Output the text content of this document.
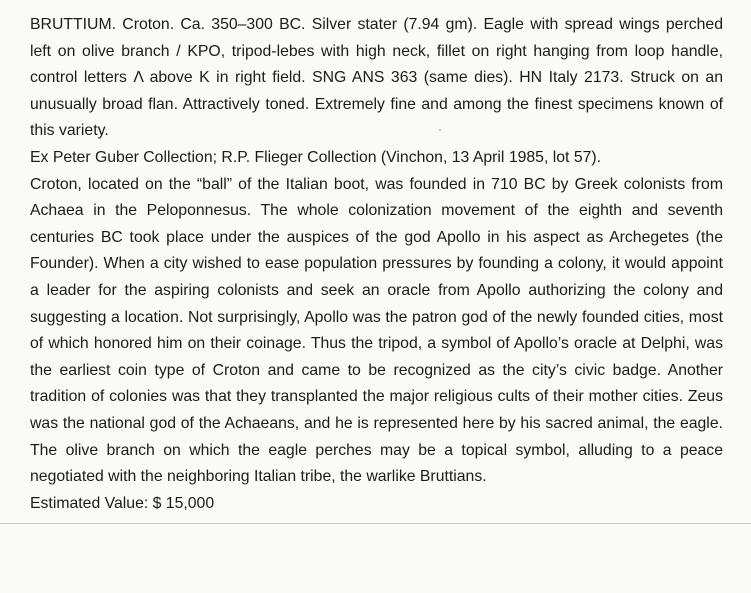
BRUTTIUM. Croton. Ca. 350–300 BC. Silver stater (7.94 gm). Eagle with spread wings perched left on olive branch / KPO, tripod-lebes with high neck, fillet on right hanging from loop handle, control letters Λ above K in right field. SNG ANS 363 (same dies). HN Italy 2173. Struck on an unusually broad flan. Attractively toned. Extremely fine and among the finest specimens known of this variety.

Ex Peter Guber Collection; R.P. Flieger Collection (Vinchon, 13 April 1985, lot 57).

Croton, located on the “ball” of the Italian boot, was founded in 710 BC by Greek colonists from Achaea in the Peloponnesus. The whole colonization movement of the eighth and seventh centuries BC took place under the auspices of the god Apollo in his aspect as Archegetes (the Founder). When a city wished to ease population pressures by founding a colony, it would appoint a leader for the aspiring colonists and seek an oracle from Apollo authorizing the colony and suggesting a location. Not surprisingly, Apollo was the patron god of the newly founded cities, most of which honored him on their coinage. Thus the tripod, a symbol of Apollo’s oracle at Delphi, was the earliest coin type of Croton and came to be recognized as the city’s civic badge. Another tradition of colonies was that they transplanted the major religious cults of their mother cities. Zeus was the national god of the Achaeans, and he is represented here by his sacred animal, the eagle. The olive branch on which the eagle perches may be a topical symbol, alluding to a peace negotiated with the neighboring Italian tribe, the warlike Bruttians.

Estimated Value: $ 15,000
